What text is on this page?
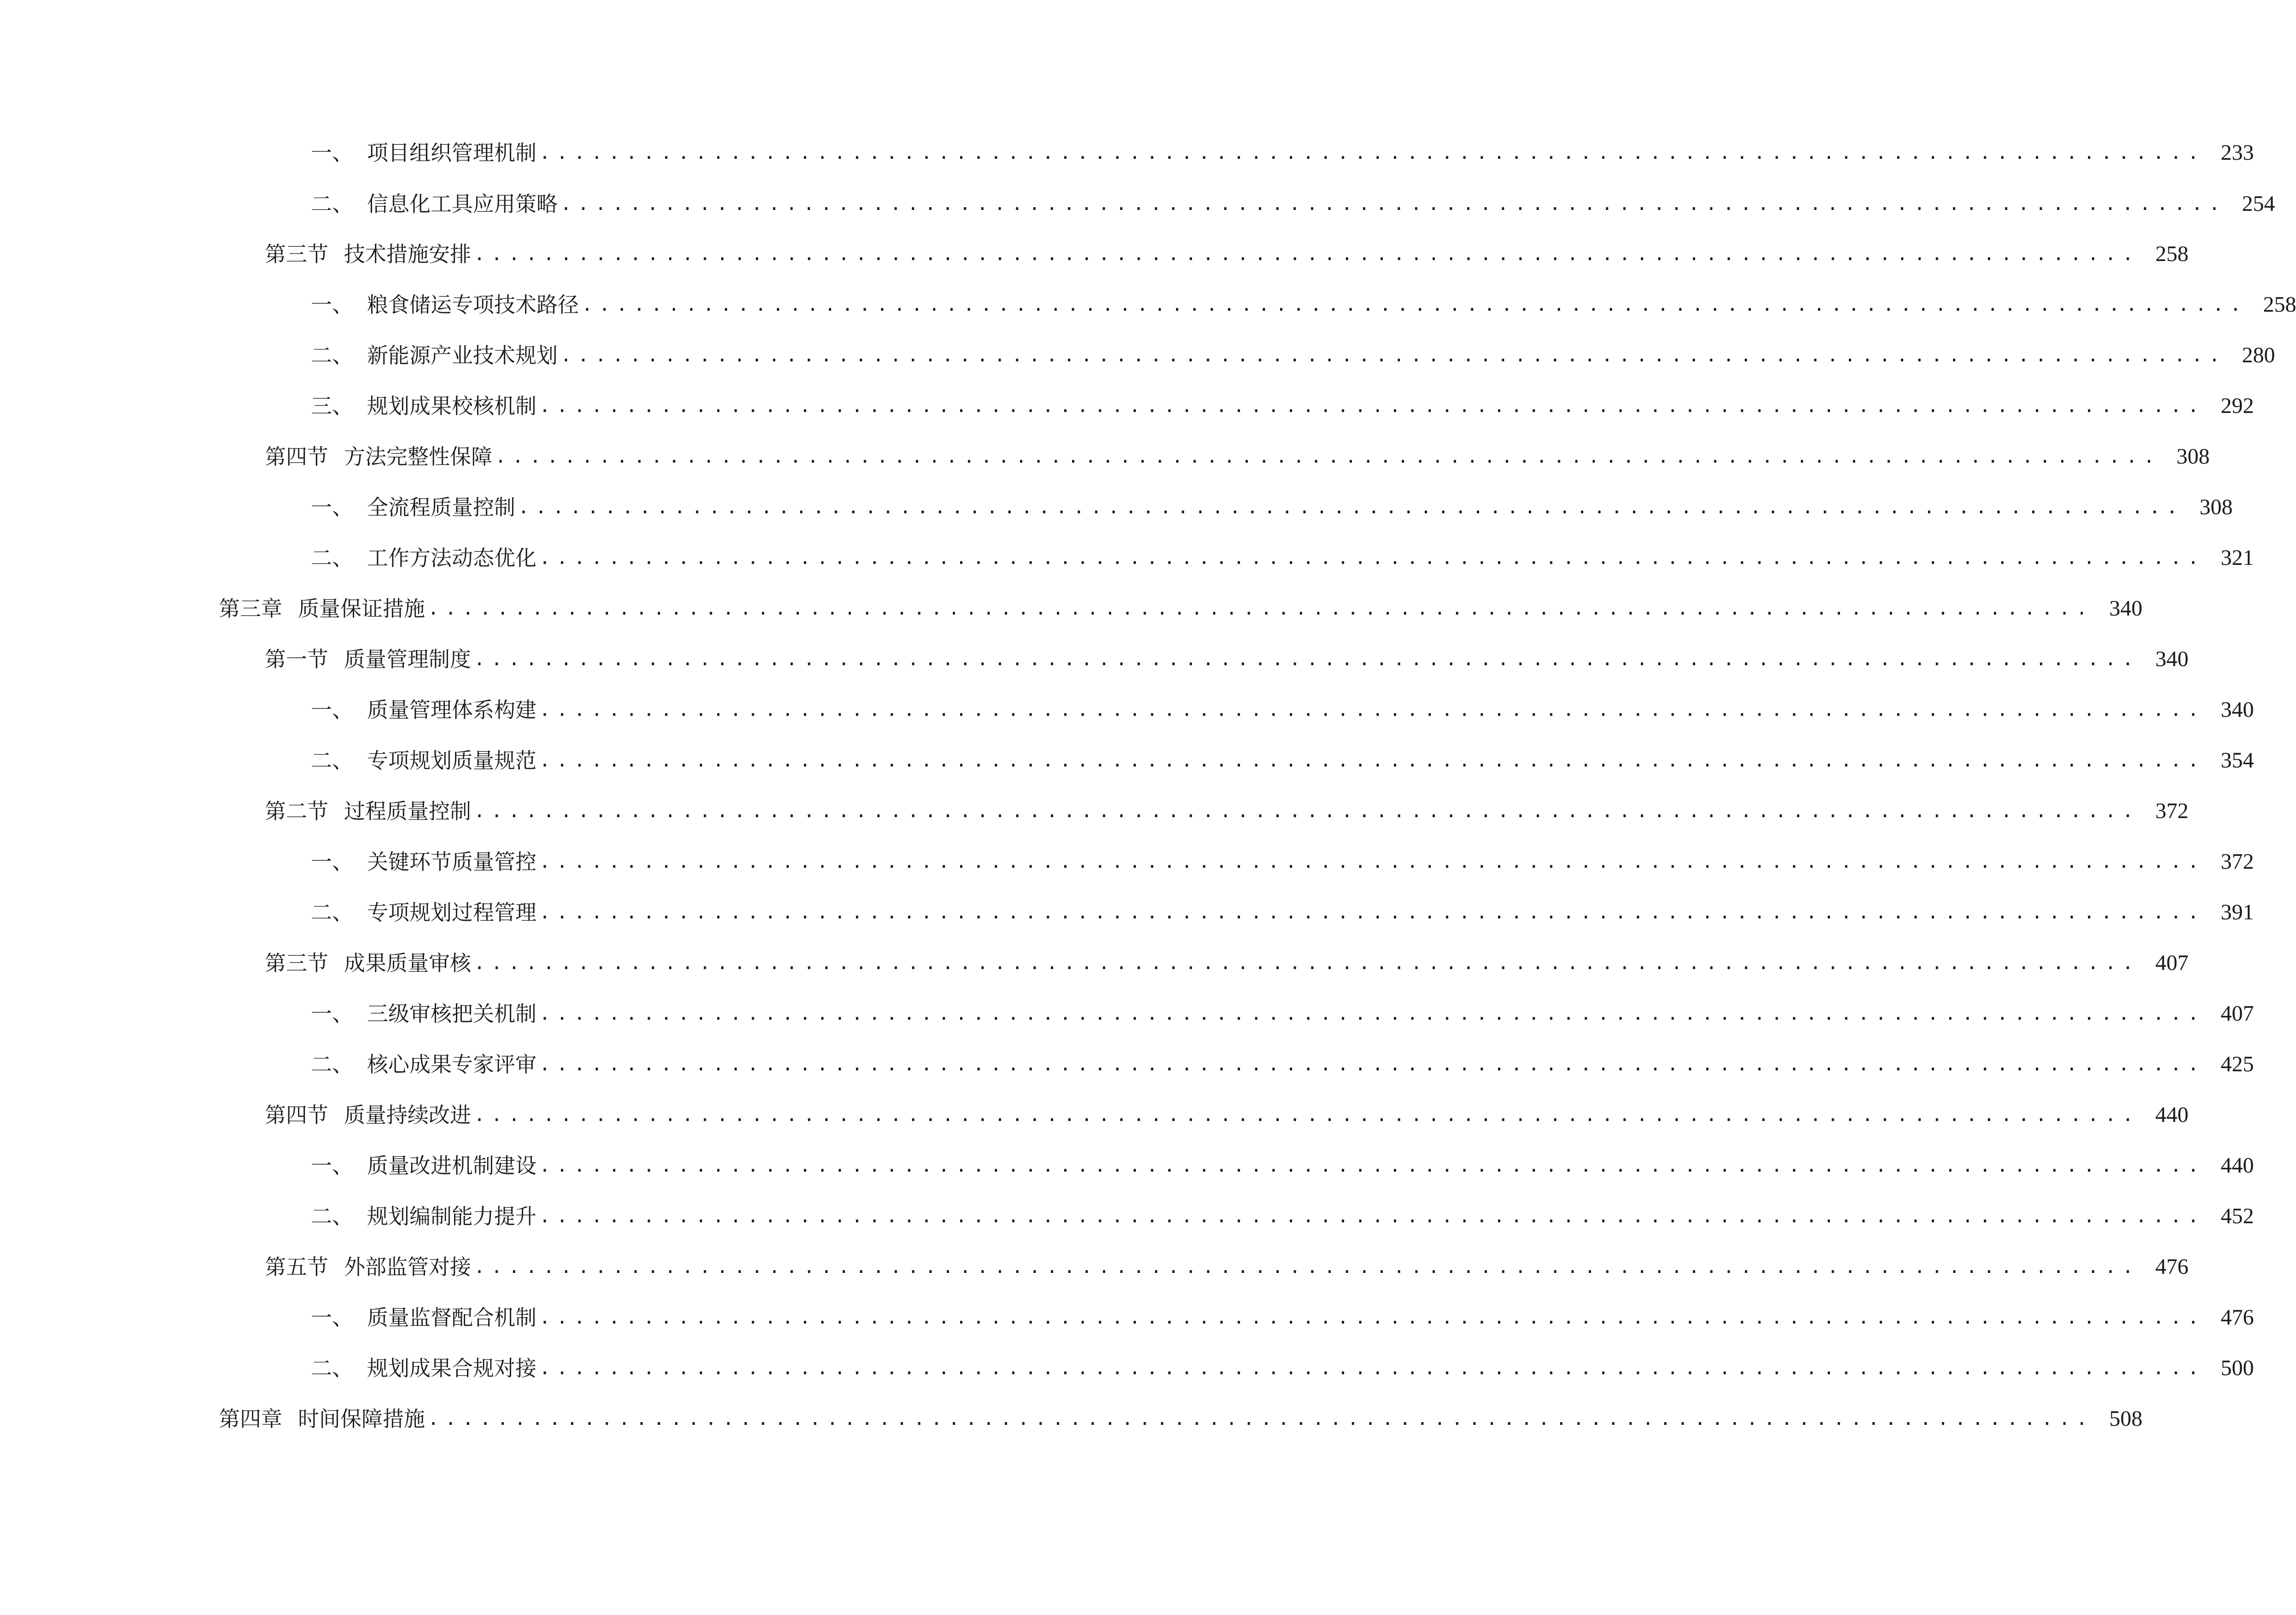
一、 项目组织管理机制 ................................................................................................ 233
二、 信息化工具应用策略 ................................................................................................ 254
第三节 技术措施安排 ................................................................................................ 258
一、 粮食储运专项技术路径 ................................................................................................ 258
二、 新能源产业技术规划 ................................................................................................ 280
三、 规划成果校核机制 ................................................................................................ 292
第四节 方法完整性保障 ................................................................................................ 308
一、 全流程质量控制 ................................................................................................ 308
二、 工作方法动态优化 ................................................................................................ 321
第三章 质量保证措施 ................................................................................................ 340
第一节 质量管理制度 ................................................................................................ 340
一、 质量管理体系构建 ................................................................................................ 340
二、 专项规划质量规范 ................................................................................................ 354
第二节 过程质量控制 ................................................................................................ 372
一、 关键环节质量管控 ................................................................................................ 372
二、 专项规划过程管理 ................................................................................................ 391
第三节 成果质量审核 ................................................................................................ 407
一、 三级审核把关机制 ................................................................................................ 407
二、 核心成果专家评审 ................................................................................................ 425
第四节 质量持续改进 ................................................................................................ 440
一、 质量改进机制建设 ................................................................................................ 440
二、 规划编制能力提升 ................................................................................................ 452
第五节 外部监管对接 ................................................................................................ 476
一、 质量监督配合机制 ................................................................................................ 476
二、 规划成果合规对接 ................................................................................................ 500
第四章 时间保障措施 ................................................................................................ 508
